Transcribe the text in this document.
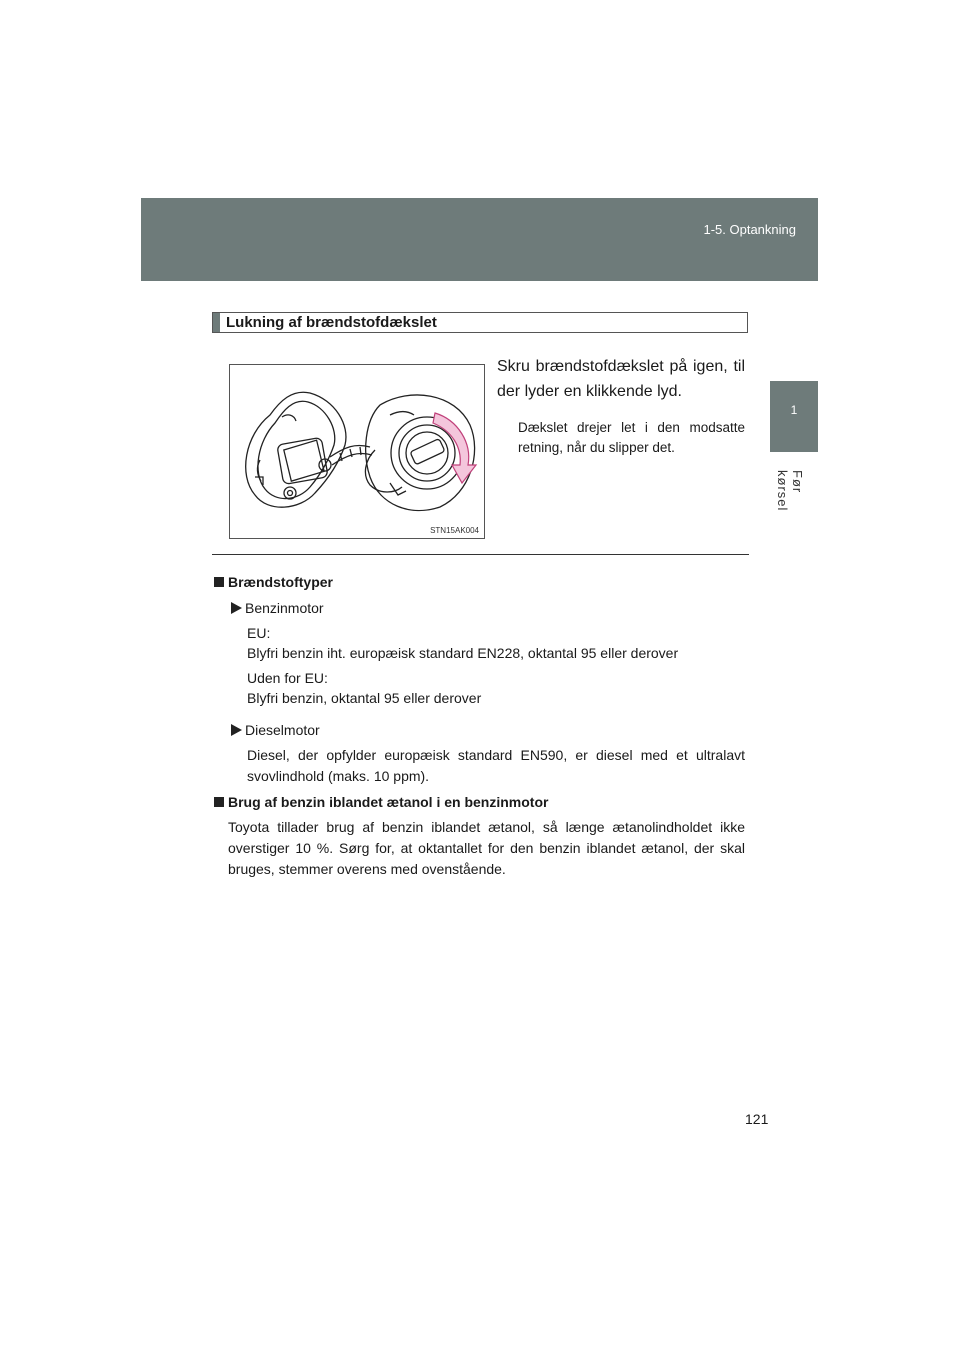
1-5. Optankning
1
Før kørsel
Lukning af brændstofdækslet
STN15AK004
Skru brændstofdækslet på igen, til der lyder en klikkende lyd.
Dækslet drejer let i den modsatte retning, når du slipper det.
Brændstoftyper
Benzinmotor
EU:
Blyfri benzin iht. europæisk standard EN228, oktantal 95 eller derover
Uden for EU:
Blyfri benzin, oktantal 95 eller derover
Dieselmotor
Diesel, der opfylder europæisk standard EN590, er diesel med et ultralavt svovlindhold (maks. 10 ppm).
Brug af benzin iblandet ætanol i en benzinmotor
Toyota tillader brug af benzin iblandet ætanol, så længe ætanolindholdet ikke overstiger 10 %. Sørg for, at oktantallet for den benzin iblandet ætanol, der skal bruges, stemmer overens med ovenstående.
121
